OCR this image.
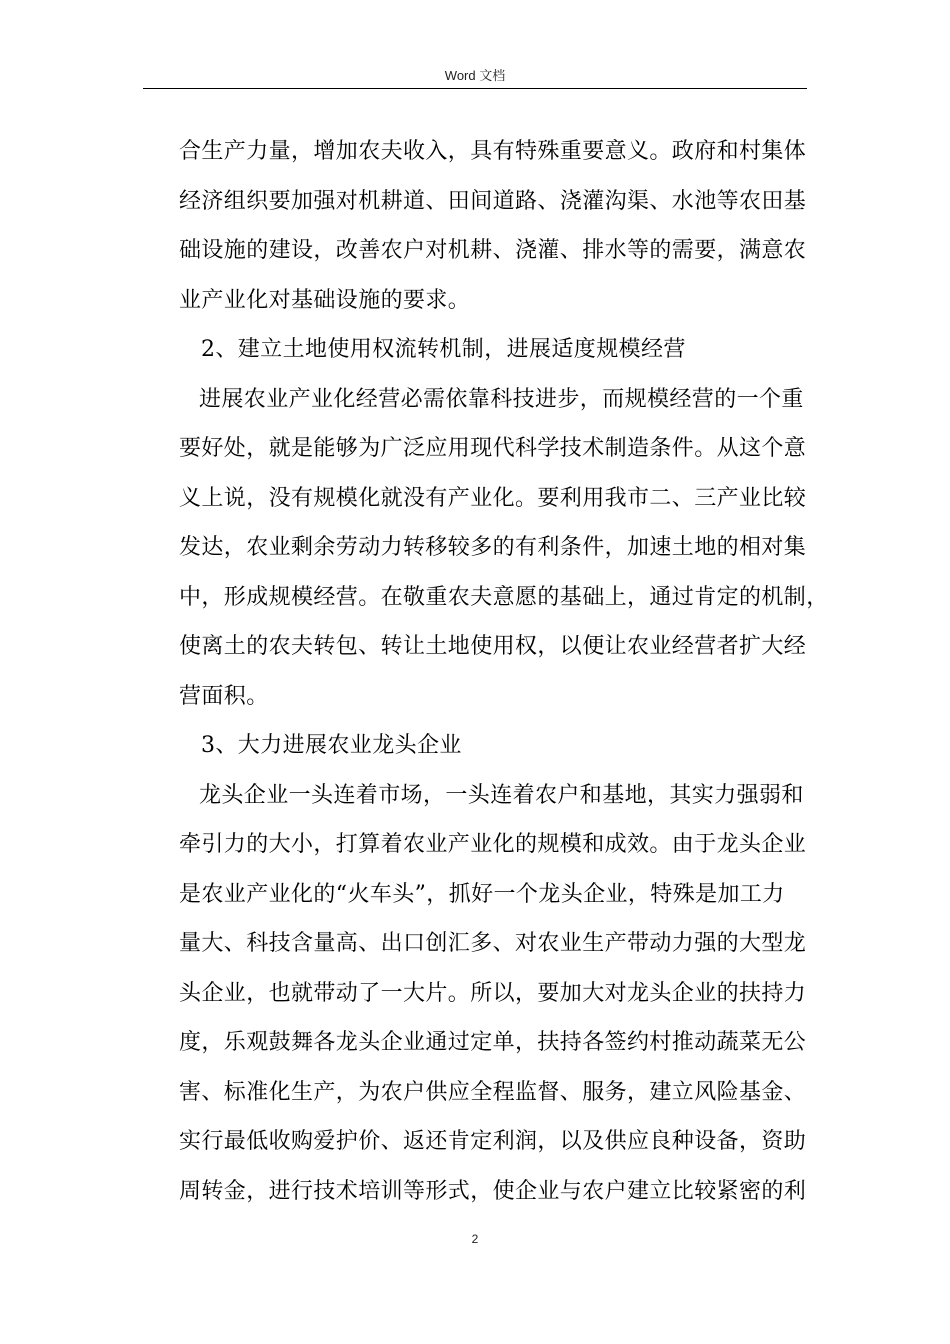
Word 文档
合生产力量，增加农夫收入，具有特殊重要意义。政府和村集体
经济组织要加强对机耕道、田间道路、浇灌沟渠、水池等农田基
础设施的建设，改善农户对机耕、浇灌、排水等的需要，满意农
业产业化对基础设施的要求。
2、建立土地使用权流转机制，进展适度规模经营
进展农业产业化经营必需依靠科技进步，而规模经营的一个重
要好处，就是能够为广泛应用现代科学技术制造条件。从这个意
义上说，没有规模化就没有产业化。要利用我市二、三产业比较
发达，农业剩余劳动力转移较多的有利条件，加速土地的相对集
中，形成规模经营。在敬重农夫意愿的基础上，通过肯定的机制，
使离土的农夫转包、转让土地使用权，以便让农业经营者扩大经
营面积。
3、大力进展农业龙头企业
龙头企业一头连着市场，一头连着农户和基地，其实力强弱和
牵引力的大小，打算着农业产业化的规模和成效。由于龙头企业
是农业产业化的“火车头”，抓好一个龙头企业，特殊是加工力
量大、科技含量高、出口创汇多、对农业生产带动力强的大型龙
头企业，也就带动了一大片。所以，要加大对龙头企业的扶持力
度，乐观鼓舞各龙头企业通过定单，扶持各签约村推动蔬菜无公
害、标准化生产，为农户供应全程监督、服务，建立风险基金、
实行最低收购爱护价、返还肯定利润，以及供应良种设备，资助
周转金，进行技术培训等形式，使企业与农户建立比较紧密的利
2
